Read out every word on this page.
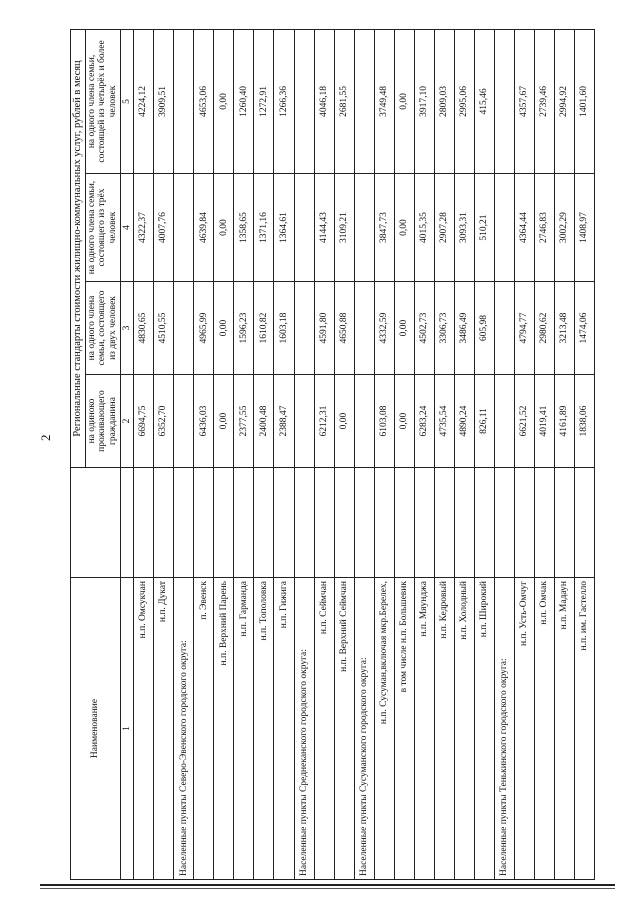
2
Наименование		Региональные стандарты стоимости жилищно-коммунальных услуг, рублей в месяц			
		на одиноко проживающего гражданина	на одного члена семьи, состоящего из двух человек	на одного члена семьи, состоящего из трёх человек	на одного члена семьи, состоящей из четырёх и более человек
1		2	3	4	5
н.п. Омсукчан		6694,75	4830,65	4322,37	4224,12
н.п. Дукат		6352,70	4510,55	4007,76	3909,51
Населенные пункты Северо-Эвенского городского округа:					
п. Эвенск		6436,03	4965,99	4639,84	4653,06
н.п. Верхний Парень		0,00	0,00	0,00	0,00
н.п. Гарманда		2377,55	1596,23	1358,65	1260,40
н.п. Тополовка		2400,48	1610,82	1371,16	1272,91
н.п. Гижига		2388,47	1603,18	1364,61	1266,36
Населенные пункты Среднеканского городского округа:					
н.п. Сеймчан		6212,31	4591,80	4144,43	4046,18
н.п. Верхний Сеймчан		0,00	4650,88	3109,21	2681,55
Населенные пункты Сусуманского городского округа:					
н.п. Сусуман,включая мкр.Берелех,		6103,08	4332,59	3847,73	3749,48
в том числе н.п. Большевик		0,00	0,00	0,00	0,00
н.п. Мяунджа		6283,24	4502,73	4015,35	3917,10
н.п. Кедровый		4735,54	3306,73	2907,28	2809,03
н.п. Холодный		4890,24	3486,49	3093,31	2995,06
н.п. Широкий		826,11	605,98	510,21	415,46
Населенные пункты Тенькинского городского округа:					
н.п. Усть-Омчуг		6621,52	4794,77	4364,44	4357,67
н.п. Омчак		4019,41	2980,62	2746,83	2739,46
н.п. Мадаун		4161,89	3213,48	3002,29	2994,92
н.п. им. Гастелло		1838,06	1474,06	1408,97	1401,60
